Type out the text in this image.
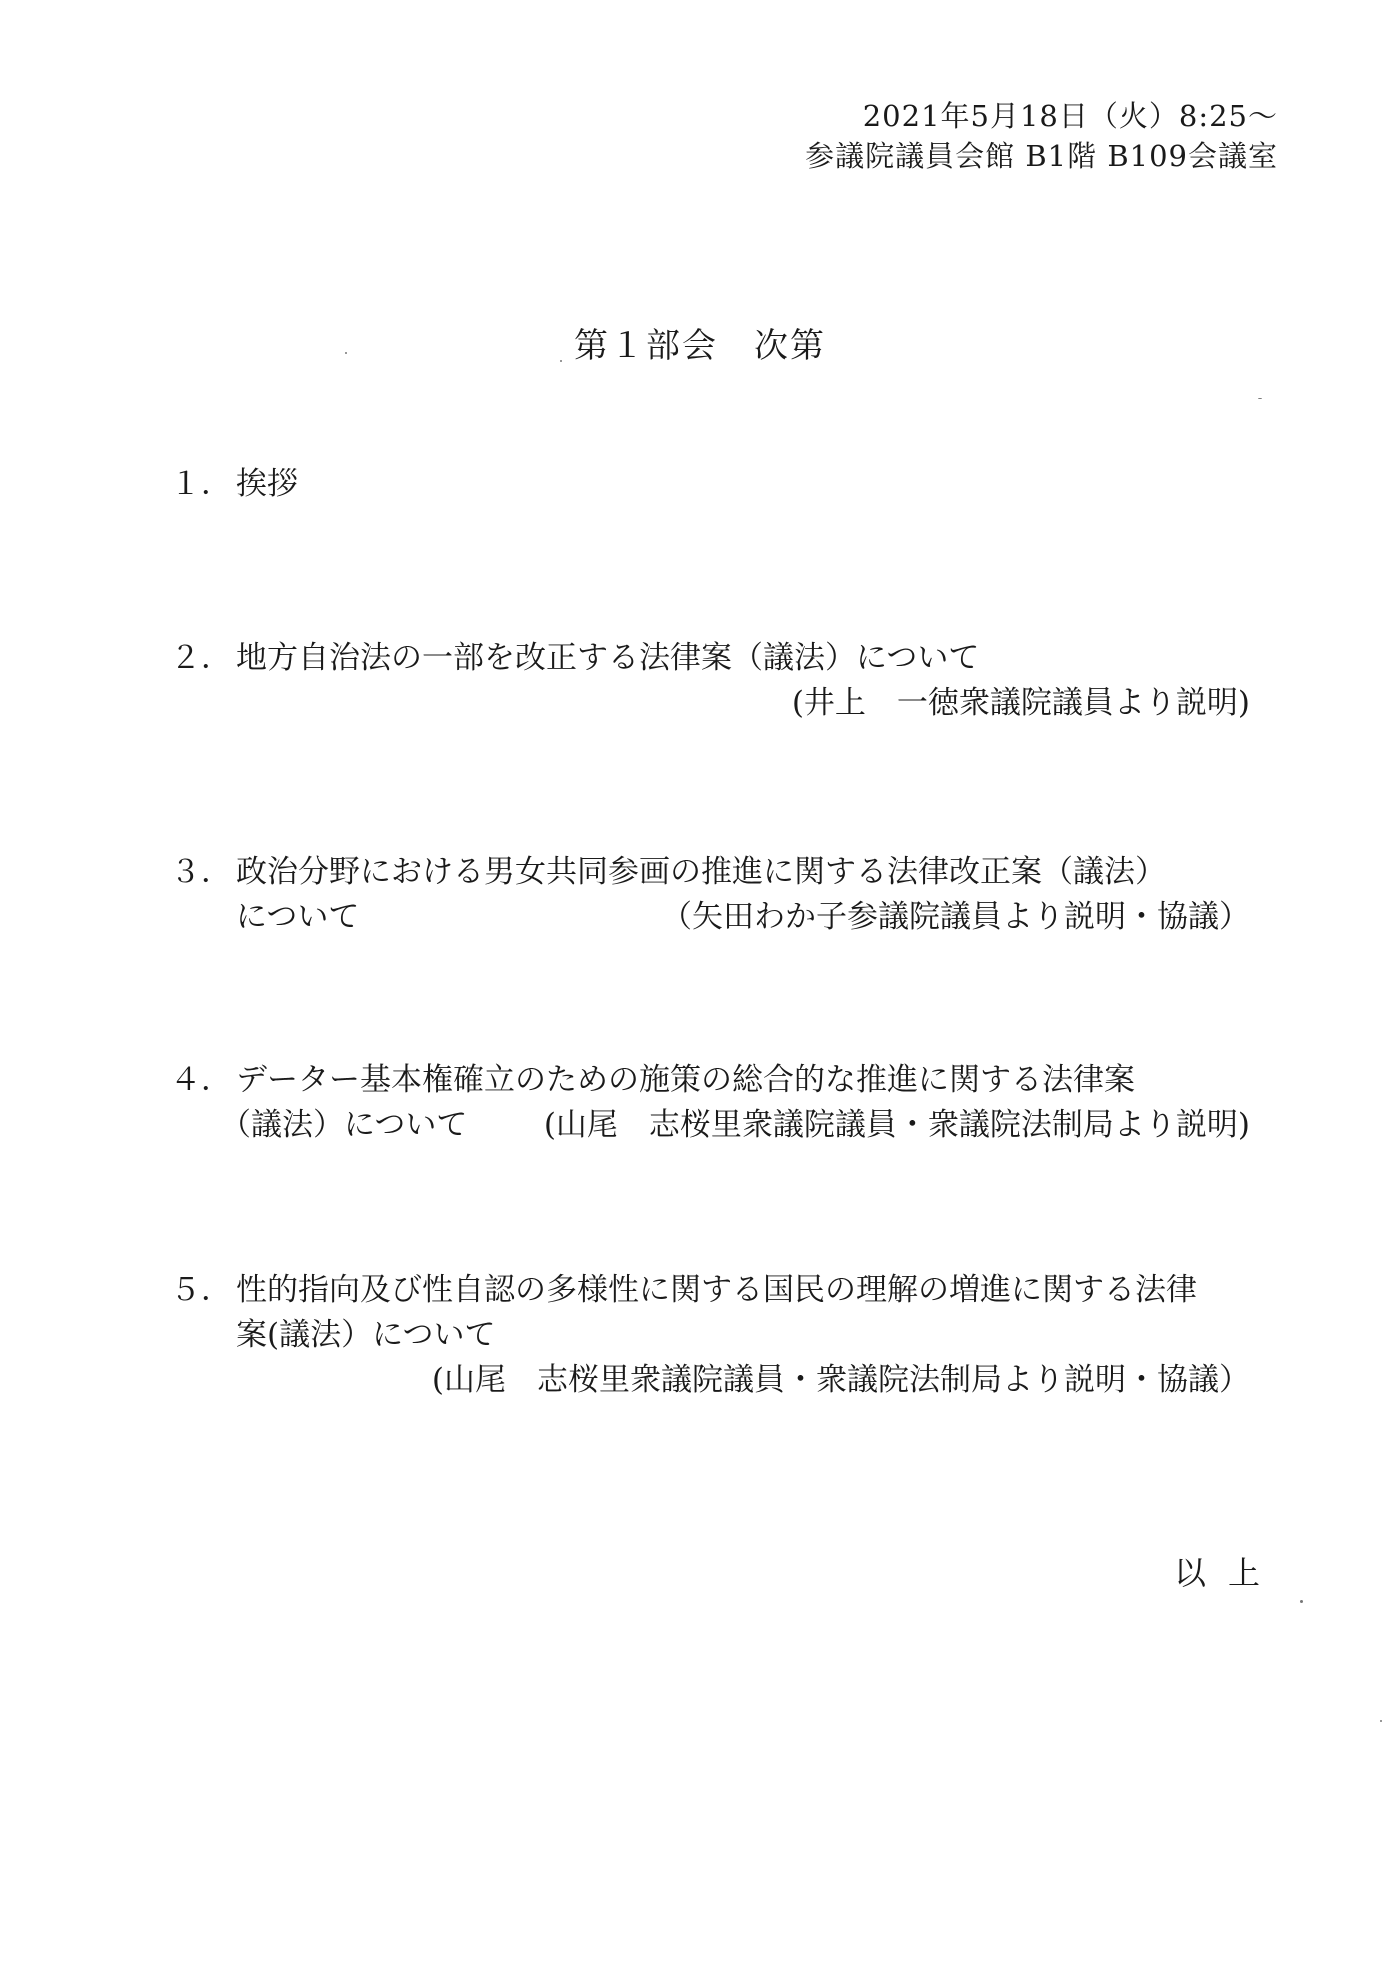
2021年5月18日（火）8:25～
参議院議員会館 B1階 B109会議室
第１部会　次第
１． 挨拶
２． 地方自治法の一部を改正する法律案（議法）について
(井上　一徳衆議院議員より説明)
３． 政治分野における男女共同参画の推進に関する法律改正案（議法）
について	（矢田わか子参議院議員より説明・協議）
４． データー基本権確立のための施策の総合的な推進に関する法律案
（議法）について (山尾　志桜里衆議院議員・衆議院法制局より説明)
５． 性的指向及び性自認の多様性に関する国民の理解の増進に関する法律
案(議法）について
(山尾　志桜里衆議院議員・衆議院法制局より説明・協議）
以上
